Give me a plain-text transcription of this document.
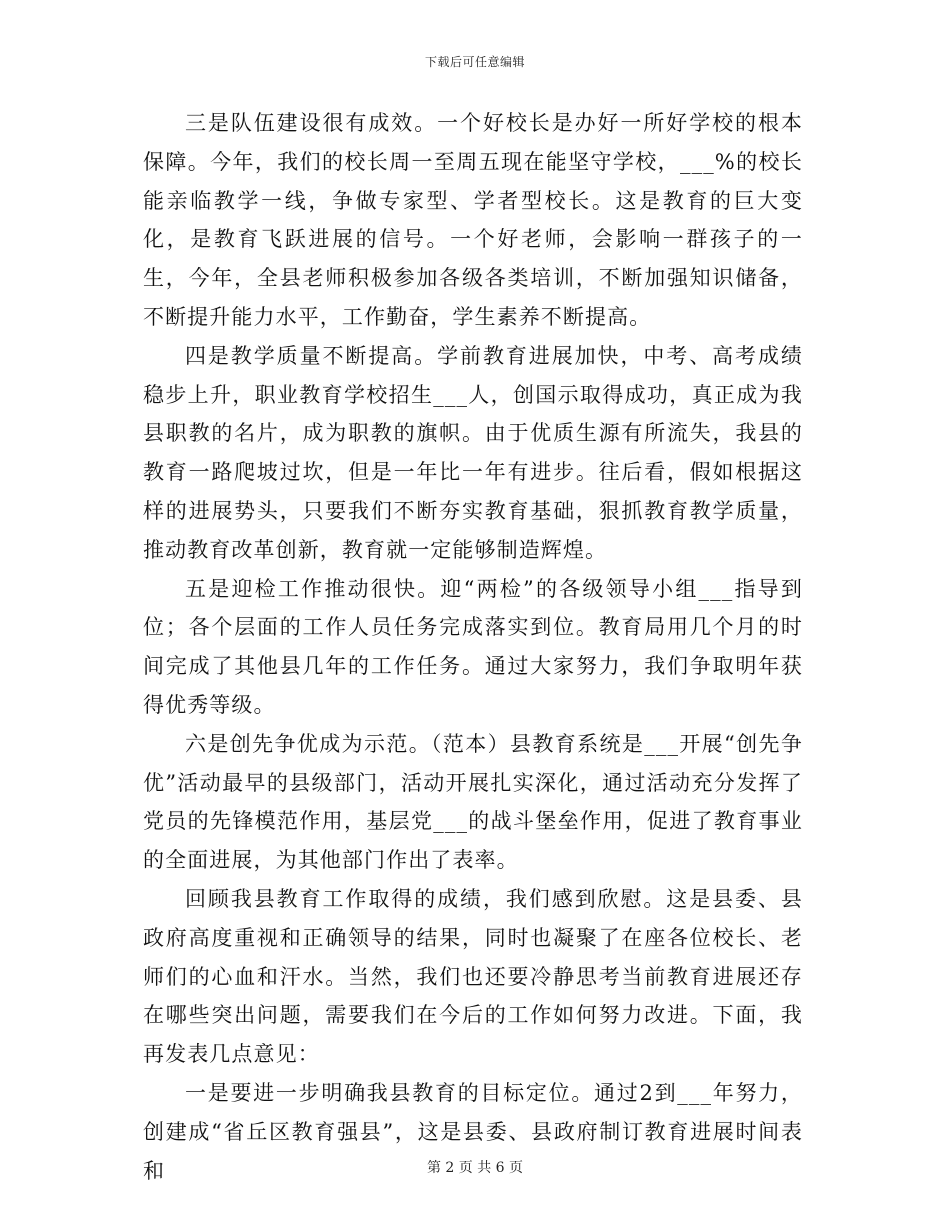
下载后可任意编辑

三是队伍建设很有成效。一个好校长是办好一所好学校的根本保障。今年，我们的校长周一至周五现在能坚守学校，___%的校长能亲临教学一线，争做专家型、学者型校长。这是教育的巨大变化，是教育飞跃进展的信号。一个好老师，会影响一群孩子的一生，今年，全县老师积极参加各级各类培训，不断加强知识储备，不断提升能力水平，工作勤奋，学生素养不断提高。

四是教学质量不断提高。学前教育进展加快，中考、高考成绩稳步上升，职业教育学校招生___人，创国示取得成功，真正成为我县职教的名片，成为职教的旗帜。由于优质生源有所流失，我县的教育一路爬坡过坎，但是一年比一年有进步。往后看，假如根据这样的进展势头，只要我们不断夯实教育基础，狠抓教育教学质量，推动教育改革创新，教育就一定能够制造辉煌。

五是迎检工作推动很快。迎“两检”的各级领导小组___指导到位；各个层面的工作人员任务完成落实到位。教育局用几个月的时间完成了其他县几年的工作任务。通过大家努力，我们争取明年获得优秀等级。

六是创先争优成为示范。（范本）县教育系统是___开展“创先争优”活动最早的县级部门，活动开展扎实深化，通过活动充分发挥了党员的先锋模范作用，基层党___的战斗堡垒作用，促进了教育事业的全面进展，为其他部门作出了表率。

回顾我县教育工作取得的成绩，我们感到欣慰。这是县委、县政府高度重视和正确领导的结果，同时也凝聚了在座各位校长、老师们的心血和汗水。当然，我们也还要冷静思考当前教育进展还存在哪些突出问题，需要我们在今后的工作如何努力改进。下面，我再发表几点意见：

一是要进一步明确我县教育的目标定位。通过2到___年努力，创建成“省丘区教育强县”，这是县委、县政府制订教育进展时间表和	第 2 页 共 6 页
